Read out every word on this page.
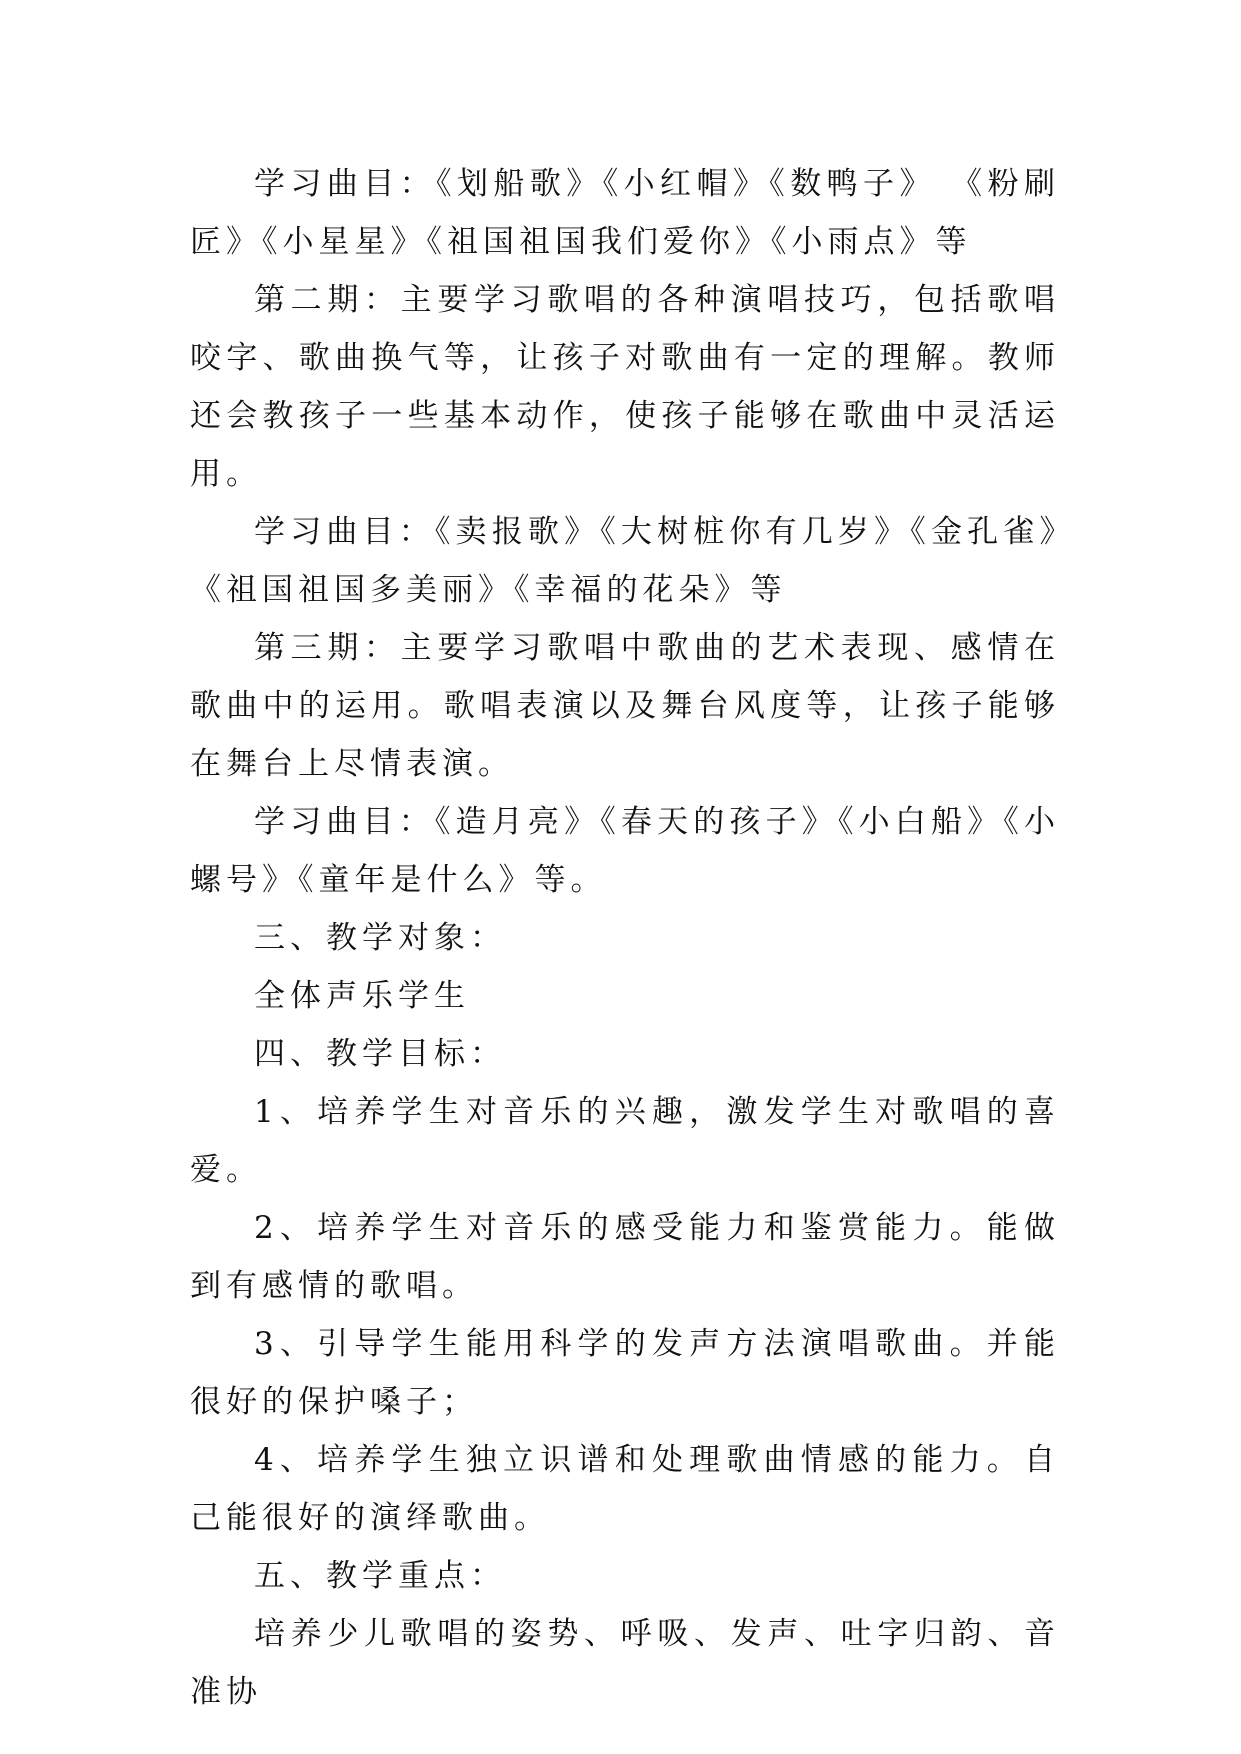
学习曲目：《划船歌》《小红帽》《数鸭子》 《粉刷匠》《小星星》《祖国祖国我们爱你》《小雨点》等

第二期：主要学习歌唱的各种演唱技巧，包括歌唱咬字、歌曲换气等，让孩子对歌曲有一定的理解。教师还会教孩子一些基本动作，使孩子能够在歌曲中灵活运用。

学习曲目：《卖报歌》《大树桩你有几岁》《金孔雀》《祖国祖国多美丽》《幸福的花朵》等

第三期：主要学习歌唱中歌曲的艺术表现、感情在歌曲中的运用。歌唱表演以及舞台风度等，让孩子能够在舞台上尽情表演。

学习曲目：《造月亮》《春天的孩子》《小白船》《小螺号》《童年是什么》等。

三、教学对象：

全体声乐学生

四、教学目标：

1、培养学生对音乐的兴趣，激发学生对歌唱的喜爱。

2、培养学生对音乐的感受能力和鉴赏能力。能做到有感情的歌唱。

3、引导学生能用科学的发声方法演唱歌曲。并能很好的保护嗓子；

4、培养学生独立识谱和处理歌曲情感的能力。自己能很好的演绎歌曲。

五、教学重点：

培养少儿歌唱的姿势、呼吸、发声、吐字归韵、音准协
